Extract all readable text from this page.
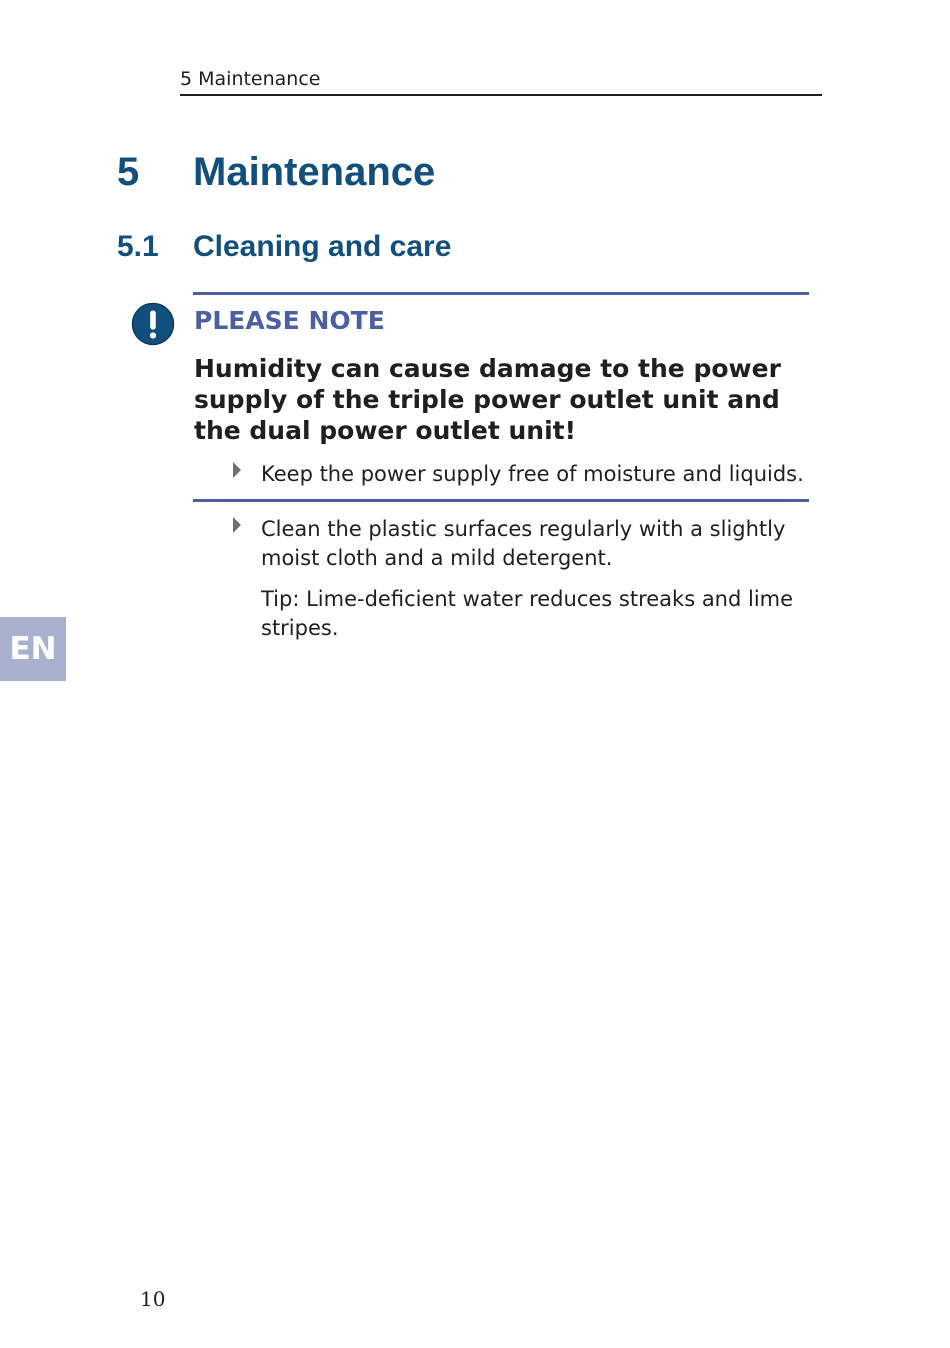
5 Maintenance
5 Maintenance
5.1 Cleaning and care
PLEASE NOTE
Humidity can cause damage to the power supply of the triple power outlet unit and the dual power outlet unit!
Keep the power supply free of moisture and liquids.
Clean the plastic surfaces regularly with a slightly moist cloth and a mild detergent.
Tip: Lime-deficient water reduces streaks and lime stripes.
EN
10
